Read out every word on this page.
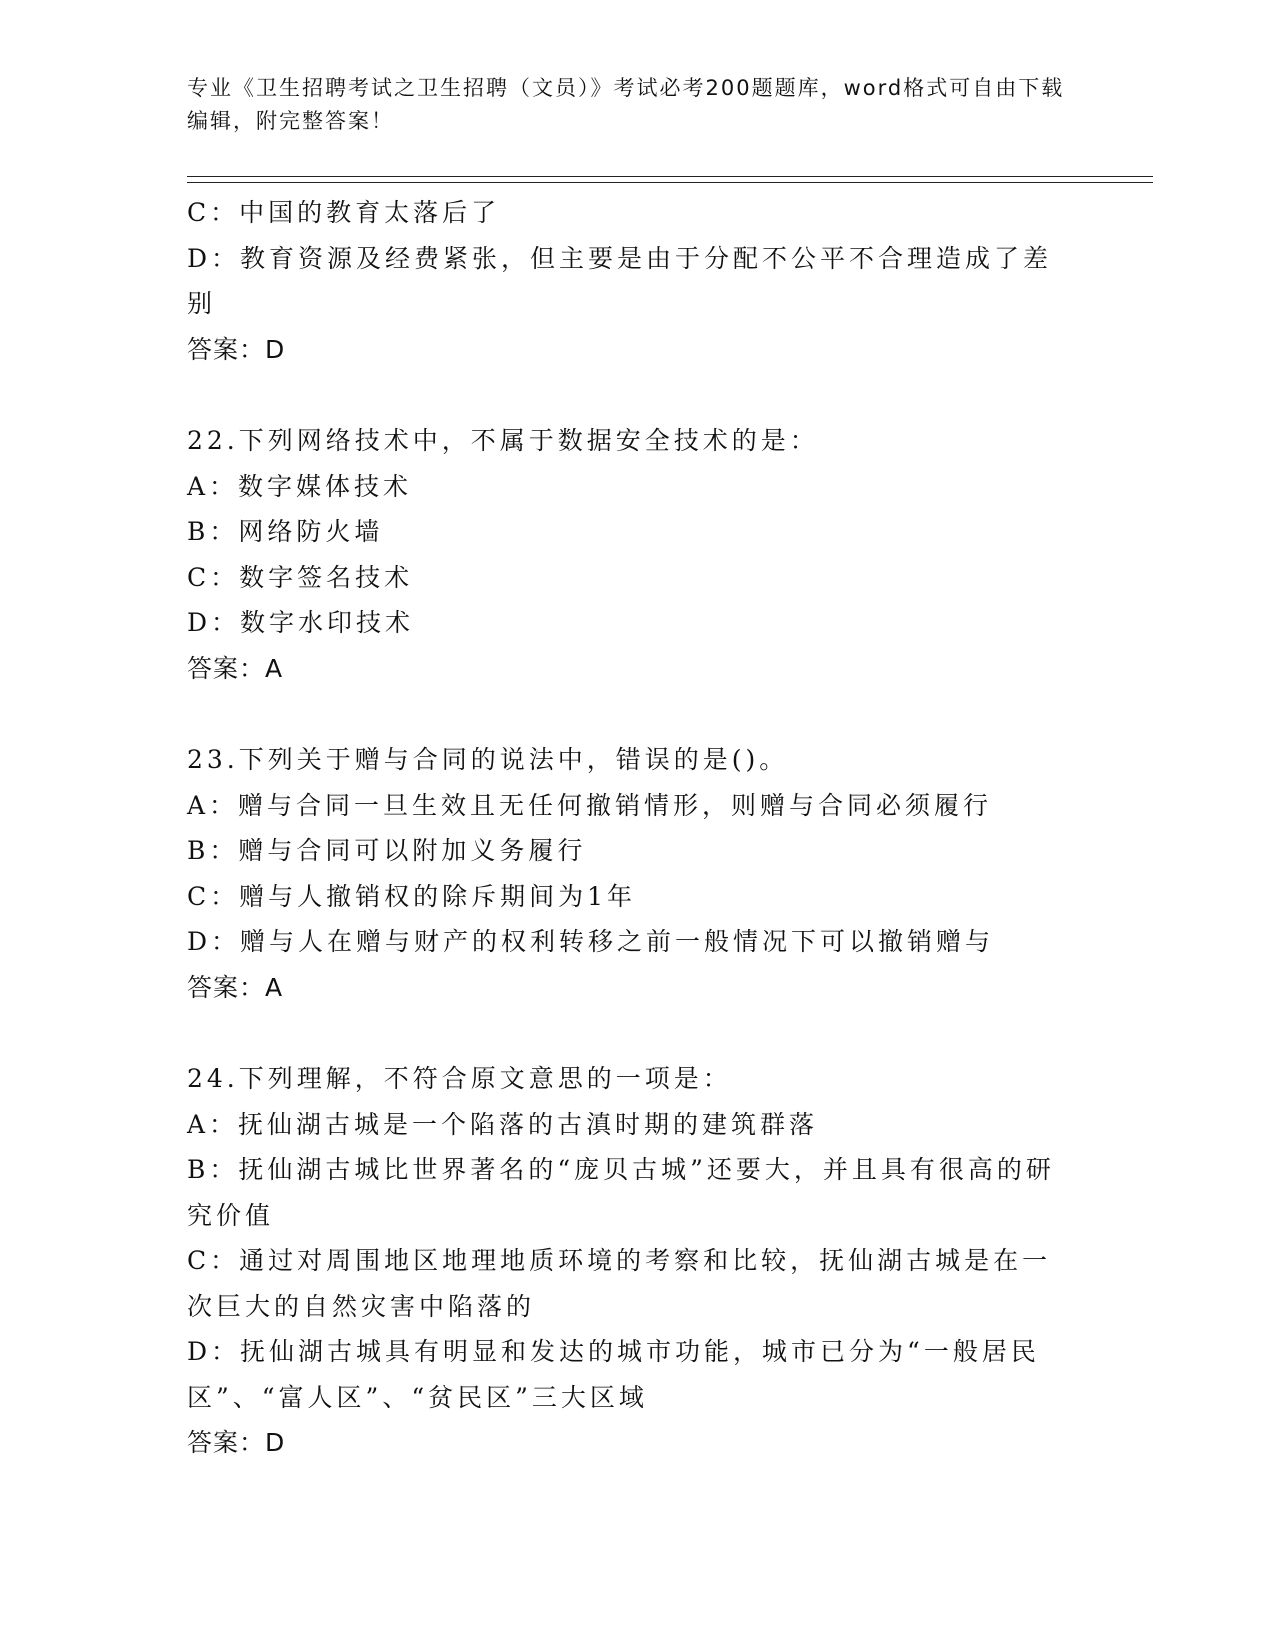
专业《卫生招聘考试之卫生招聘（文员）》考试必考200题题库，word格式可自由下载编辑，附完整答案！
C：中国的教育太落后了
D：教育资源及经费紧张，但主要是由于分配不公平不合理造成了差别
答案：D
22.下列网络技术中，不属于数据安全技术的是：
A：数字媒体技术
B：网络防火墙
C：数字签名技术
D：数字水印技术
答案：A
23.下列关于赠与合同的说法中，错误的是()。
A：赠与合同一旦生效且无任何撤销情形，则赠与合同必须履行
B：赠与合同可以附加义务履行
C：赠与人撤销权的除斥期间为1年
D：赠与人在赠与财产的权利转移之前一般情况下可以撤销赠与
答案：A
24.下列理解，不符合原文意思的一项是：
A：抚仙湖古城是一个陷落的古滇时期的建筑群落
B：抚仙湖古城比世界著名的“庞贝古城”还要大，并且具有很高的研究价值
C：通过对周围地区地理地质环境的考察和比较，抚仙湖古城是在一次巨大的自然灾害中陷落的
D：抚仙湖古城具有明显和发达的城市功能，城市已分为“一般居民区”、“富人区”、“贫民区”三大区域
答案：D
